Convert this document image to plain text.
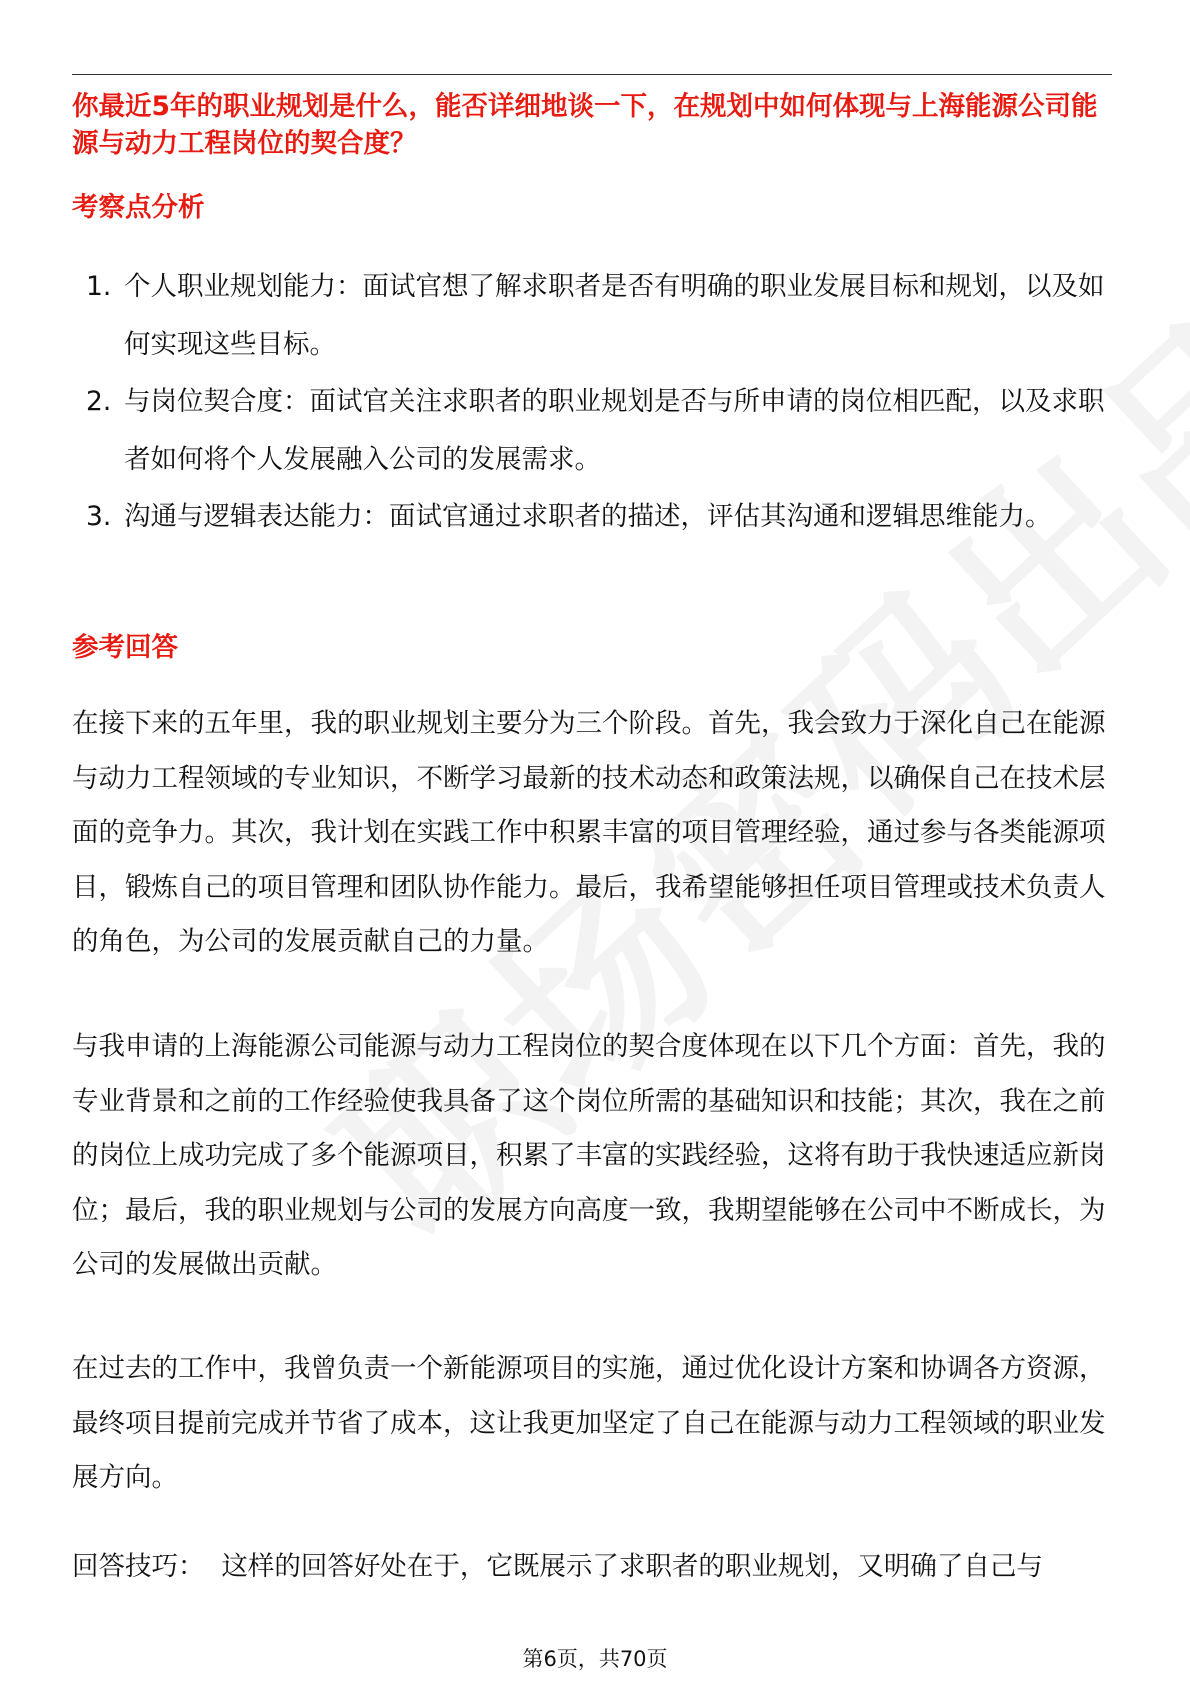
你最近5年的职业规划是什么，能否详细地谈一下，在规划中如何体现与上海能源公司能源与动力工程岗位的契合度？
考察点分析
1. 个人职业规划能力：面试官想了解求职者是否有明确的职业发展目标和规划，以及如何实现这些目标。
2. 与岗位契合度：面试官关注求职者的职业规划是否与所申请的岗位相匹配，以及求职者如何将个人发展融入公司的发展需求。
3. 沟通与逻辑表达能力：面试官通过求职者的描述，评估其沟通和逻辑思维能力。
参考回答

在接下来的五年里，我的职业规划主要分为三个阶段。首先，我会致力于深化自己在能源与动力工程领域的专业知识，不断学习最新的技术动态和政策法规，以确保自己在技术层面的竞争力。其次，我计划在实践工作中积累丰富的项目管理经验，通过参与各类能源项目，锻炼自己的项目管理和团队协作能力。最后，我希望能够担任项目管理或技术负责人的角色，为公司的发展贡献自己的力量。

与我申请的上海能源公司能源与动力工程岗位的契合度体现在以下几个方面：首先，我的专业背景和之前的工作经验使我具备了这个岗位所需的基础知识和技能；其次，我在之前的岗位上成功完成了多个能源项目，积累了丰富的实践经验，这将有助于我快速适应新岗位；最后，我的职业规划与公司的发展方向高度一致，我期望能够在公司中不断成长，为公司的发展做出贡献。

在过去的工作中，我曾负责一个新能源项目的实施，通过优化设计方案和协调各方资源，最终项目提前完成并节省了成本，这让我更加坚定了自己在能源与动力工程领域的职业发展方向。

回答技巧：  这样的回答好处在于，它既展示了求职者的职业规划，又明确了自己与

第6页，共70页
